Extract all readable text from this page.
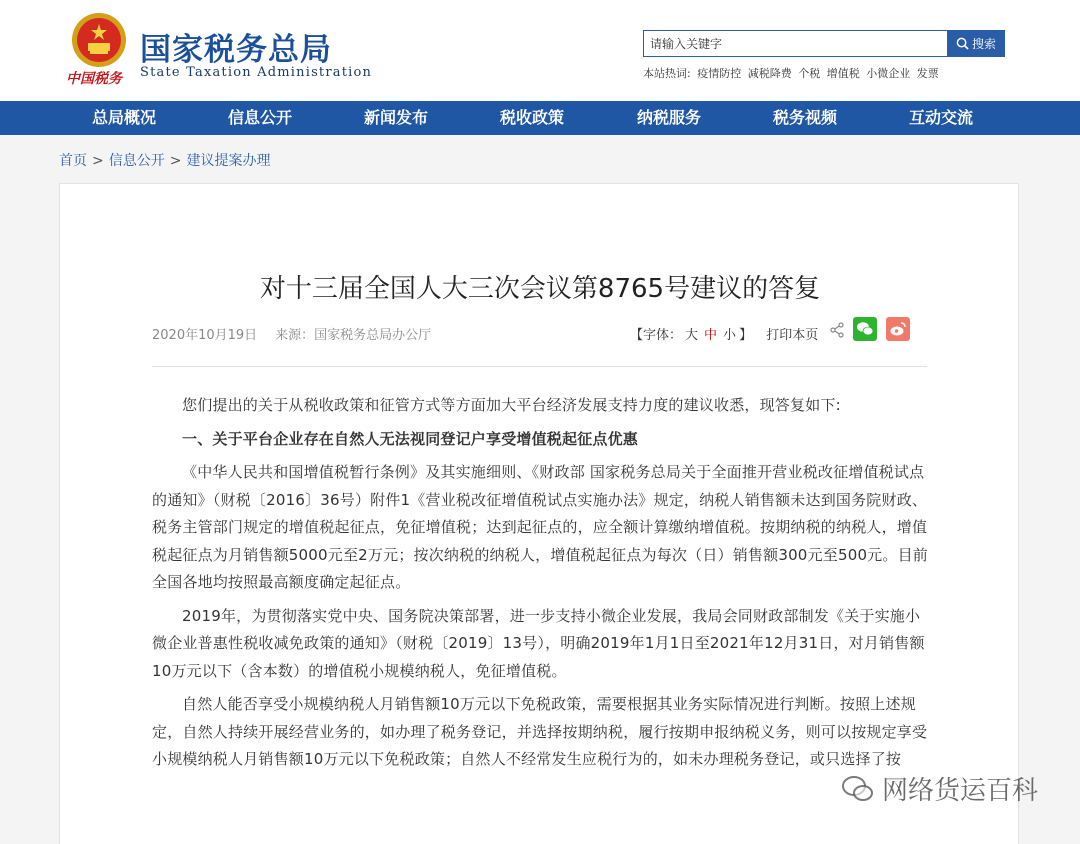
中国税务
国家税务总局
State Taxation Administration
请输入关键字
搜索
本站热词: 疫情防控 减税降费 个税 增值税 小微企业 发票
总局概况	信息公开	新闻发布	税收政策	纳税服务	税务视频	互动交流
首页 > 信息公开 > 建议提案办理
对十三届全国人大三次会议第8765号建议的答复
2020年10月19日 来源：国家税务总局办公厅	【字体： 大 中 小 】 打印本页

您们提出的关于从税收政策和征管方式等方面加大平台经济发展支持力度的建议收悉，现答复如下:

一、关于平台企业存在自然人无法视同登记户享受增值税起征点优惠

《中华人民共和国增值税暂行条例》及其实施细则、《财政部 国家税务总局关于全面推开营业税改征增值税试点的通知》（财税〔2016〕36号）附件1《营业税改征增值税试点实施办法》规定，纳税人销售额未达到国务院财政、税务主管部门规定的增值税起征点，免征增值税；达到起征点的，应全额计算缴纳增值税。按期纳税的纳税人，增值税起征点为月销售额5000元至2万元；按次纳税的纳税人，增值税起征点为每次（日）销售额300元至500元。目前全国各地均按照最高额度确定起征点。

2019年，为贯彻落实党中央、国务院决策部署，进一步支持小微企业发展，我局会同财政部制发《关于实施小微企业普惠性税收减免政策的通知》（财税〔2019〕13号），明确2019年1月1日至2021年12月31日，对月销售额10万元以下（含本数）的增值税小规模纳税人，免征增值税。

自然人能否享受小规模纳税人月销售额10万元以下免税政策，需要根据其业务实际情况进行判断。按照上述规定，自然人持续开展经营业务的，如办理了税务登记，并选择按期纳税，履行按期申报纳税义务，则可以按规定享受小规模纳税人月销售额10万元以下免税政策；自然人不经常发生应税行为的，如未办理税务登记，或只选择了按

网络货运百科
